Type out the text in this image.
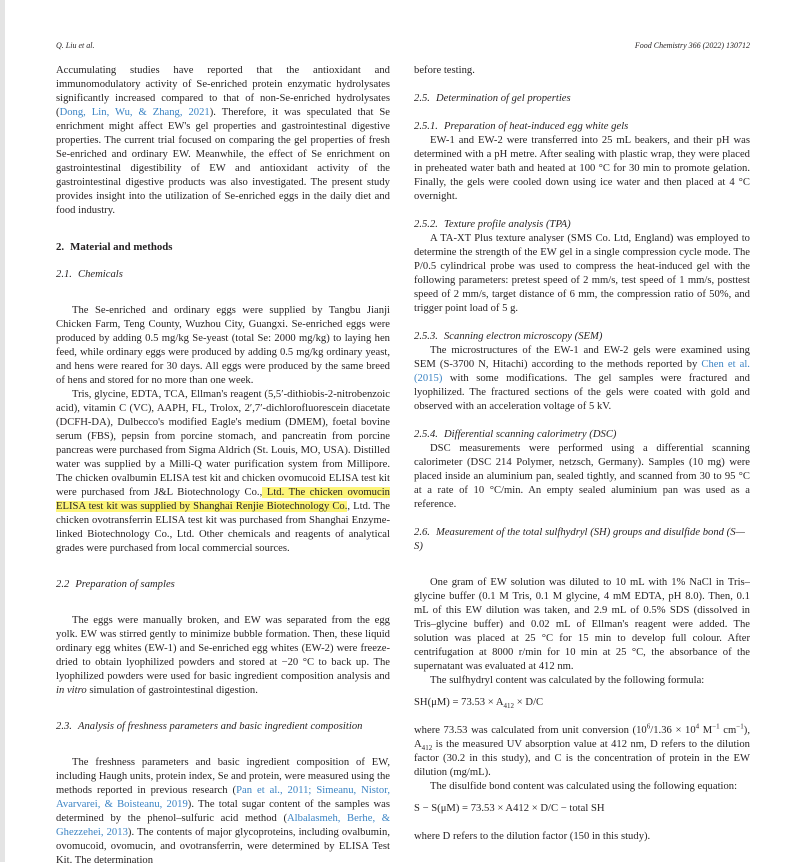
Q. Liu et al.	Food Chemistry 366 (2022) 130712

Accumulating studies have reported that the antioxidant and immunomodulatory activity of Se-enriched protein enzymatic hydrolysates significantly increased compared to that of non-Se-enriched hydrolysates (Dong, Lin, Wu, & Zhang, 2021). Therefore, it was speculated that Se enrichment might affect EW's gel properties and gastrointestinal digestive properties. The current trial focused on comparing the gel properties of fresh Se-enriched and ordinary EW. Meanwhile, the effect of Se enrichment on gastrointestinal digestibility of EW and antioxidant activity of the gastrointestinal digestive products was also investigated. The present study provides insight into the utilization of Se-enriched eggs in the daily diet and food industry.

2. Material and methods
2.1. Chemicals

The Se-enriched and ordinary eggs were supplied by Tangbu Jianji Chicken Farm, Teng County, Wuzhou City, Guangxi. Se-enriched eggs were produced by adding 0.5 mg/kg Se-yeast (total Se: 2000 mg/kg) to laying hen feed, while ordinary eggs were produced by adding 0.5 mg/kg ordinary yeast, and hens were reared for 30 days. All eggs were produced by the same breed of hens and stored for no more than one week.

Tris, glycine, EDTA, TCA, Ellman's reagent (5,5′-dithiobis-2-nitrobenzoic acid), vitamin C (VC), AAPH, FL, Trolox, 2′,7′-dichlorofluorescein diacetate (DCFH-DA), Dulbecco's modified Eagle's medium (DMEM), foetal bovine serum (FBS), pepsin from porcine stomach, and pancreatin from porcine pancreas were purchased from Sigma Aldrich (St. Louis, MO, USA). Distilled water was supplied by a Milli-Q water purification system from Millipore. The chicken ovalbumin ELISA test kit and chicken ovomucoid ELISA test kit were purchased from J&L Biotechnology Co., Ltd. The chicken ovomucin ELISA test kit was supplied by Shanghai Renjie Biotechnology Co., Ltd. The chicken ovotransferrin ELISA test kit was purchased from Shanghai Enzyme-linked Biotechnology Co., Ltd. Other chemicals and reagents of analytical grades were purchased from local commercial sources.

2.2 Preparation of samples

The eggs were manually broken, and EW was separated from the egg yolk. EW was stirred gently to minimize bubble formation. Then, these liquid ordinary egg whites (EW-1) and Se-enriched egg whites (EW-2) were freeze-dried to obtain lyophilized powders and stored at −20 °C to back up. The lyophilized powders were used for basic ingredient composition analysis and in vitro simulation of gastrointestinal digestion.

2.3. Analysis of freshness parameters and basic ingredient composition

The freshness parameters and basic ingredient composition of EW, including Haugh units, protein index, Se and protein, were measured using the methods reported in previous research (Pan et al., 2011; Simeanu, Nistor, Avarvarei, & Boisteanu, 2019). The total sugar content of the samples was determined by the phenol–sulfuric acid method (Albalasmeh, Berhe, & Ghezzehei, 2013). The contents of major glycoproteins, including ovalbumin, ovomucoid, ovomucin, and ovotransferrin, were determined by ELISA Test Kit. The determination

before testing.

2.5. Determination of gel properties
2.5.1. Preparation of heat-induced egg white gels

EW-1 and EW-2 were transferred into 25 mL beakers, and their pH was determined with a pH metre. After sealing with plastic wrap, they were placed in preheated water bath and heated at 100 °C for 30 min to promote gelation. Finally, the gels were cooled down using ice water and then placed at 4 °C overnight.

2.5.2. Texture profile analysis (TPA)

A TA-XT Plus texture analyser (SMS Co. Ltd, England) was employed to determine the strength of the EW gel in a single compression cycle mode. The P/0.5 cylindrical probe was used to compress the heat-induced gel with the following parameters: pretest speed of 2 mm/s, test speed of 1 mm/s, posttest speed of 2 mm/s, target distance of 6 mm, the compression ratio of 50%, and trigger point load of 5 g.

2.5.3. Scanning electron microscopy (SEM)

The microstructures of the EW-1 and EW-2 gels were examined using SEM (S-3700 N, Hitachi) according to the methods reported by Chen et al. (2015) with some modifications. The gel samples were fractured and lyophilized. The fractured sections of the gels were coated with gold and observed with an acceleration voltage of 5 kV.

2.5.4. Differential scanning calorimetry (DSC)

DSC measurements were performed using a differential scanning calorimeter (DSC 214 Polymer, netzsch, Germany). Samples (10 mg) were placed inside an aluminium pan, sealed tightly, and scanned from 30 to 95 °C at a rate of 10 °C/min. An empty sealed aluminium pan was used as a reference.

2.6. Measurement of the total sulfhydryl (SH) groups and disulfide bond (S—S)

One gram of EW solution was diluted to 10 mL with 1% NaCl in Tris–glycine buffer (0.1 M Tris, 0.1 M glycine, 4 mM EDTA, pH 8.0). Then, 0.1 mL of this EW dilution was taken, and 2.9 mL of 0.5% SDS (dissolved in Tris–glycine buffer) and 0.02 mL of Ellman's reagent were added. The solution was placed at 25 °C for 15 min to develop full colour. After centrifugation at 8000 r/min for 10 min at 25 °C, the absorbance of the supernatant was evaluated at 412 nm.

The sulfhydryl content was calculated by the following formula:

$SH(\mu M) = 73.53 \times A_{412} \times D/C$

where 73.53 was calculated from unit conversion ($10^6/1.36 \times 10^4$ $M^{-1}$ $cm^{-1}$), $A_{412}$ is the measured UV absorption value at 412 nm, D refers to the dilution factor (30.2 in this study), and C is the concentration of protein in the EW dilution (mg/mL).

The disulfide bond content was calculated using the following equation:

S − S(μM) = 73.53 × A412 × D/C − total SH

where D refers to the dilution factor (150 in this study).
